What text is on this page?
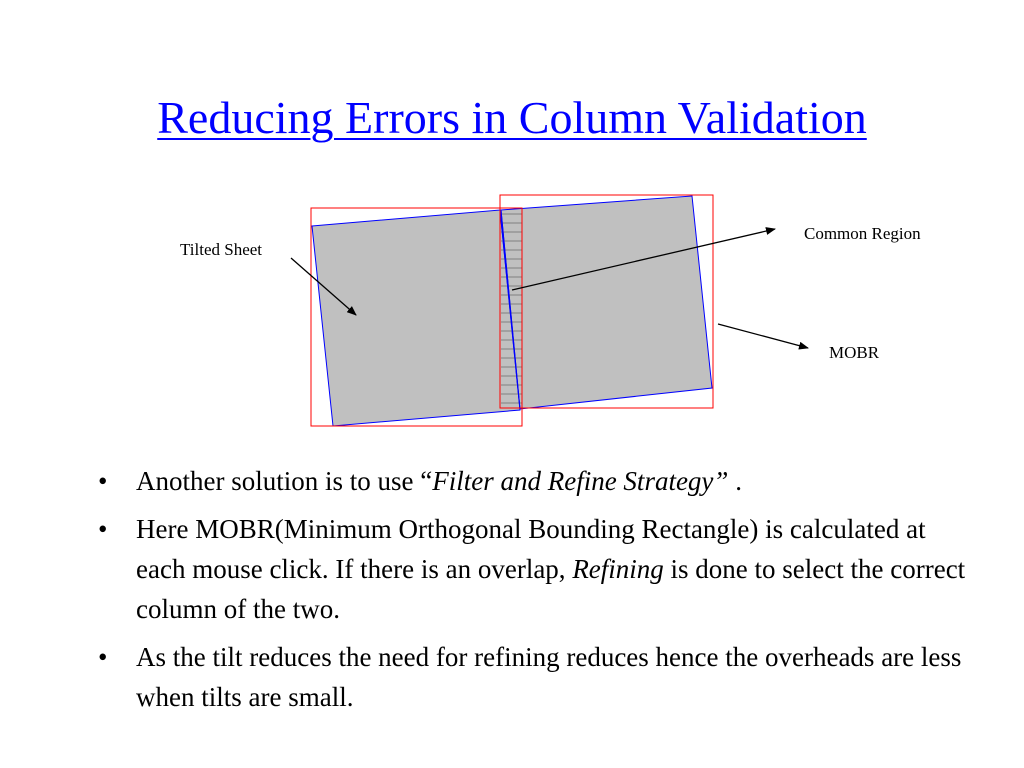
Reducing Errors in Column Validation
Tilted Sheet
Common Region
MOBR
• Another solution is to use “Filter and Refine Strategy” .
• Here MOBR(Minimum Orthogonal Bounding Rectangle) is calculated at each mouse click. If there is an overlap, Refining is done to select the correct column of the two.
• As the tilt reduces the need for refining reduces hence the overheads are less when tilts are small.
